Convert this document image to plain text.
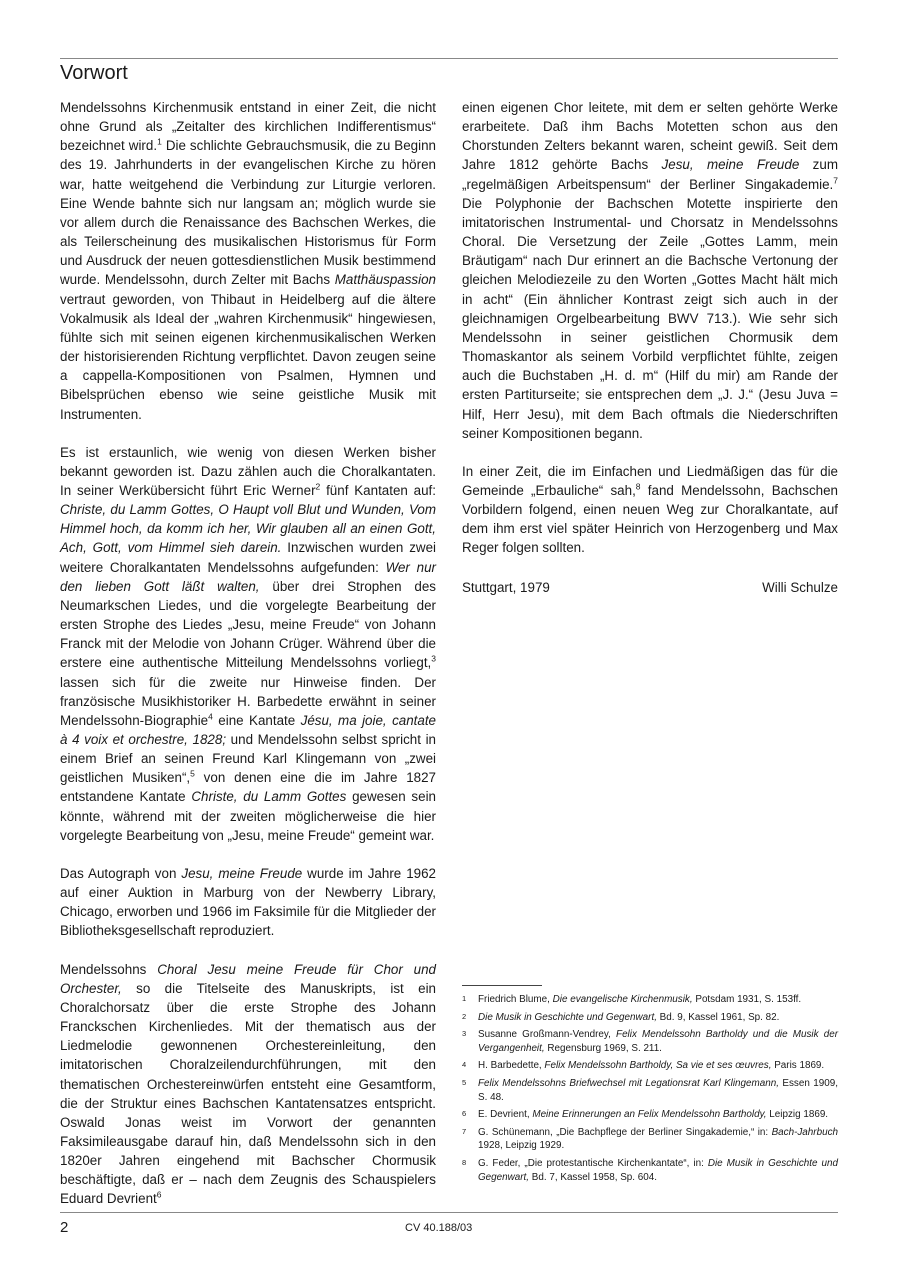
Vorwort

Mendelssohns Kirchenmusik entstand in einer Zeit, die nicht ohne Grund als „Zeitalter des kirchlichen Indifferentismus“ bezeichnet wird.$^1$ Die schlichte Gebrauchsmusik, die zu Beginn des 19. Jahrhunderts in der evangelischen Kirche zu hören war, hatte weitgehend die Verbindung zur Liturgie verloren. Eine Wende bahnte sich nur langsam an; möglich wurde sie vor allem durch die Renaissance des Bachschen Werkes, die als Teilerscheinung des musikalischen Historismus für Form und Ausdruck der neuen gottesdienstlichen Musik bestimmend wurde. Mendelssohn, durch Zelter mit Bachs Matthäuspassion vertraut geworden, von Thibaut in Heidelberg auf die ältere Vokalmusik als Ideal der „wahren Kirchenmusik“ hingewiesen, fühlte sich mit seinen eigenen kirchenmusikalischen Werken der historisierenden Richtung verpflichtet. Davon zeugen seine a cappella-Kompositionen von Psalmen, Hymnen und Bibelsprüchen ebenso wie seine geistliche Musik mit Instrumenten.

Es ist erstaunlich, wie wenig von diesen Werken bisher bekannt geworden ist. Dazu zählen auch die Choralkantaten. In seiner Werkübersicht führt Eric Werner$^2$ fünf Kantaten auf: Christe, du Lamm Gottes, O Haupt voll Blut und Wunden, Vom Himmel hoch, da komm ich her, Wir glauben all an einen Gott, Ach, Gott, vom Himmel sieh darein. Inzwischen wurden zwei weitere Choralkantaten Mendelssohns aufgefunden: Wer nur den lieben Gott läßt walten, über drei Strophen des Neumarkschen Liedes, und die vorgelegte Bearbeitung der ersten Strophe des Liedes „Jesu, meine Freude“ von Johann Franck mit der Melodie von Johann Crüger. Während über die erstere eine authentische Mitteilung Mendelssohns vorliegt,$^3$ lassen sich für die zweite nur Hinweise finden. Der französische Musikhistoriker H. Barbedette erwähnt in seiner Mendelssohn-Biographie$^4$ eine Kantate Jésu, ma joie, cantate à 4 voix et orchestre, 1828; und Mendelssohn selbst spricht in einem Brief an seinen Freund Karl Klingemann von „zwei geistlichen Musiken“,$^5$ von denen eine die im Jahre 1827 entstandene Kantate Christe, du Lamm Gottes gewesen sein könnte, während mit der zweiten möglicherweise die hier vorgelegte Bearbeitung von „Jesu, meine Freude“ gemeint war.

Das Autograph von Jesu, meine Freude wurde im Jahre 1962 auf einer Auktion in Marburg von der Newberry Library, Chicago, erworben und 1966 im Faksimile für die Mitglieder der Bibliotheksgesellschaft reproduziert.

Mendelssohns Choral Jesu meine Freude für Chor und Orchester, so die Titelseite des Manuskripts, ist ein Choralchorsatz über die erste Strophe des Johann Franckschen Kirchenliedes. Mit der thematisch aus der Liedmelodie gewonnenen Orchestereinleitung, den imitatorischen Choralzeilendurchführungen, mit den thematischen Orchestereinwürfen entsteht eine Gesamtform, die der Struktur eines Bachschen Kantatensatzes entspricht. Oswald Jonas weist im Vorwort der genannten Faksimileausgabe darauf hin, daß Mendelssohn sich in den 1820er Jahren eingehend mit Bachscher Chormusik beschäftigte, daß er – nach dem Zeugnis des Schauspielers Eduard Devrient$^6$

einen eigenen Chor leitete, mit dem er selten gehörte Werke erarbeitete. Daß ihm Bachs Motetten schon aus den Chorstunden Zelters bekannt waren, scheint gewiß. Seit dem Jahre 1812 gehörte Bachs Jesu, meine Freude zum „regelmäßigen Arbeitspensum“ der Berliner Singakademie.$^7$ Die Polyphonie der Bachschen Motette inspirierte den imitatorischen Instrumental- und Chorsatz in Mendelssohns Choral. Die Versetzung der Zeile „Gottes Lamm, mein Bräutigam“ nach Dur erinnert an die Bachsche Vertonung der gleichen Melodiezeile zu den Worten „Gottes Macht hält mich in acht“ (Ein ähnlicher Kontrast zeigt sich auch in der gleichnamigen Orgelbearbeitung BWV 713.). Wie sehr sich Mendelssohn in seiner geistlichen Chormusik dem Thomaskantor als seinem Vorbild verpflichtet fühlte, zeigen auch die Buchstaben „H. d. m“ (Hilf du mir) am Rande der ersten Partiturseite; sie entsprechen dem „J. J.“ (Jesu Juva = Hilf, Herr Jesu), mit dem Bach oftmals die Niederschriften seiner Kompositionen begann.

In einer Zeit, die im Einfachen und Liedmäßigen das für die Gemeinde „Erbauliche“ sah,$^8$ fand Mendelssohn, Bachschen Vorbildern folgend, einen neuen Weg zur Choralkantate, auf dem ihm erst viel später Heinrich von Herzogenberg und Max Reger folgen sollten.

Stuttgart, 1979	Willi Schulze
1 Friedrich Blume, Die evangelische Kirchenmusik, Potsdam 1931, S. 153ff.
2 Die Musik in Geschichte und Gegenwart, Bd. 9, Kassel 1961, Sp. 82.
3 Susanne Großmann-Vendrey, Felix Mendelssohn Bartholdy und die Musik der Vergangenheit, Regensburg 1969, S. 211.
4 H. Barbedette, Felix Mendelssohn Bartholdy, Sa vie et ses œuvres, Paris 1869.
5 Felix Mendelssohns Briefwechsel mit Legationsrat Karl Klingemann, Essen 1909, S. 48.
6 E. Devrient, Meine Erinnerungen an Felix Mendelssohn Bartholdy, Leipzig 1869.
7 G. Schünemann, „Die Bachpflege der Berliner Singakademie,“ in: Bach-Jahrbuch 1928, Leipzig 1929.
8 G. Feder, „Die protestantische Kirchenkantate“, in: Die Musik in Geschichte und Gegenwart, Bd. 7, Kassel 1958, Sp. 604.
2	CV 40.188/03
